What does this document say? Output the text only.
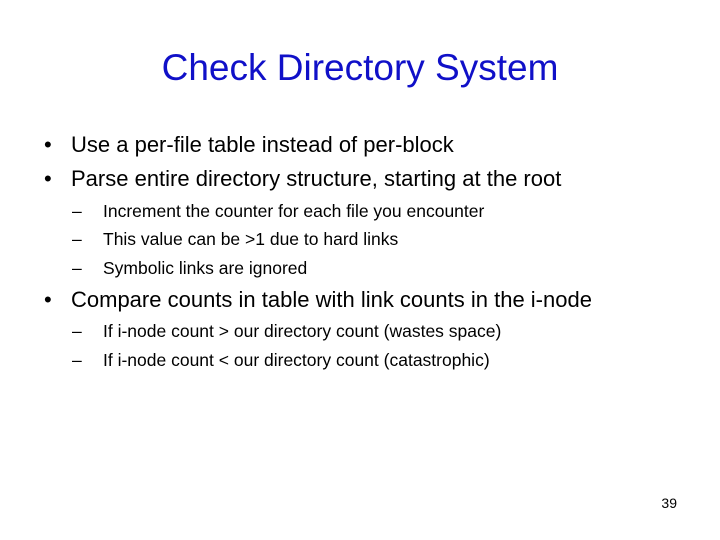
Check Directory System
• Use a per-file table instead of per-block
• Parse entire directory structure, starting at the root
– Increment the counter for each file you encounter
– This value can be >1 due to hard links
– Symbolic links are ignored
• Compare counts in table with link counts in the i-node
– If i-node count > our directory count (wastes space)
– If i-node count < our directory count (catastrophic)
39
